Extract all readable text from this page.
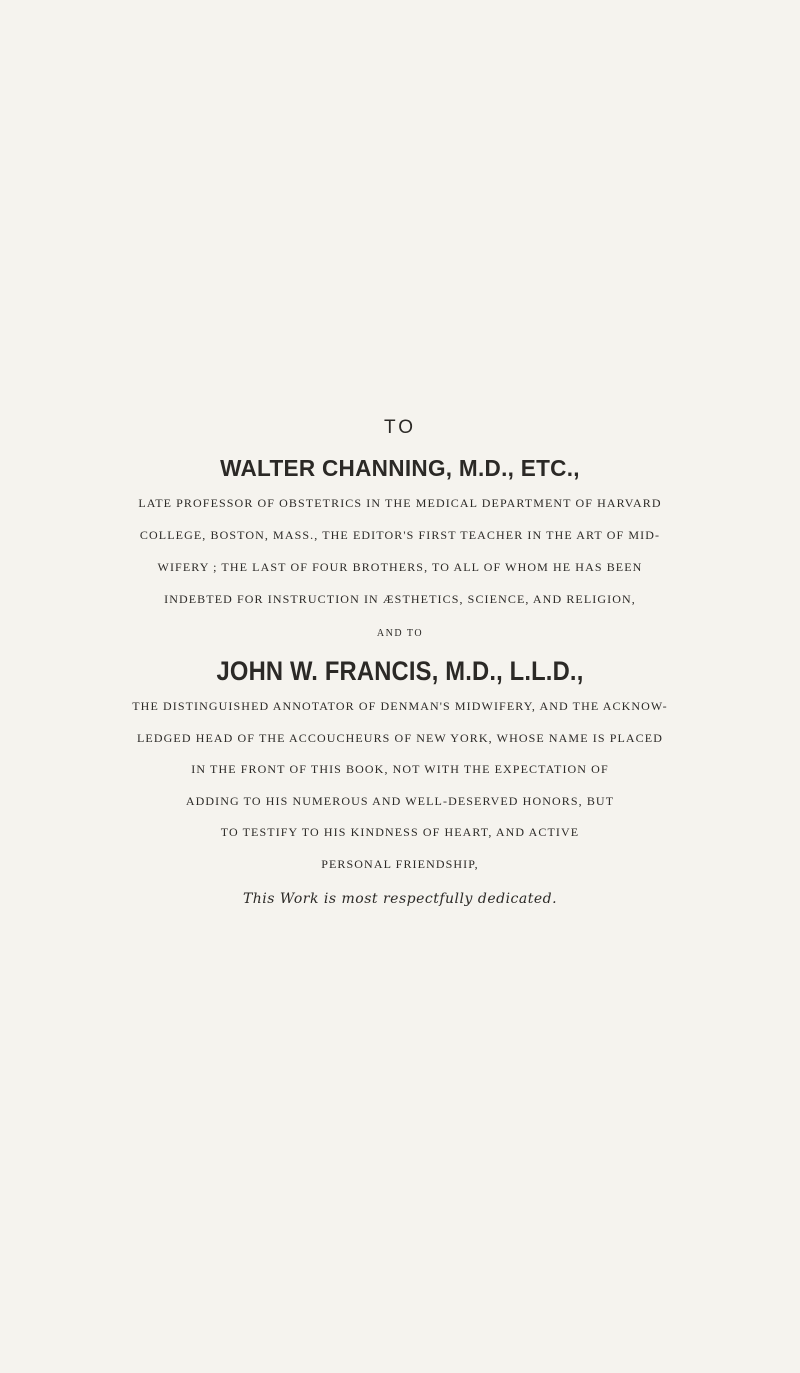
TO
WALTER CHANNING, M.D., ETC.,
LATE PROFESSOR OF OBSTETRICS IN THE MEDICAL DEPARTMENT OF HARVARD
COLLEGE, BOSTON, MASS., THE EDITOR'S FIRST TEACHER IN THE ART OF MID-
WIFERY ; THE LAST OF FOUR BROTHERS, TO ALL OF WHOM HE HAS BEEN
INDEBTED FOR INSTRUCTION IN ÆSTHETICS, SCIENCE, AND RELIGION,
AND TO
JOHN W. FRANCIS, M.D., L.L.D.,
THE DISTINGUISHED ANNOTATOR OF DENMAN'S MIDWIFERY, AND THE ACKNOW-
LEDGED HEAD OF THE ACCOUCHEURS OF NEW YORK, WHOSE NAME IS PLACED
IN THE FRONT OF THIS BOOK, NOT WITH THE EXPECTATION OF
ADDING TO HIS NUMEROUS AND WELL-DESERVED HONORS, BUT
TO TESTIFY TO HIS KINDNESS OF HEART, AND ACTIVE
PERSONAL FRIENDSHIP,
This Work is most respectfully dedicated.
